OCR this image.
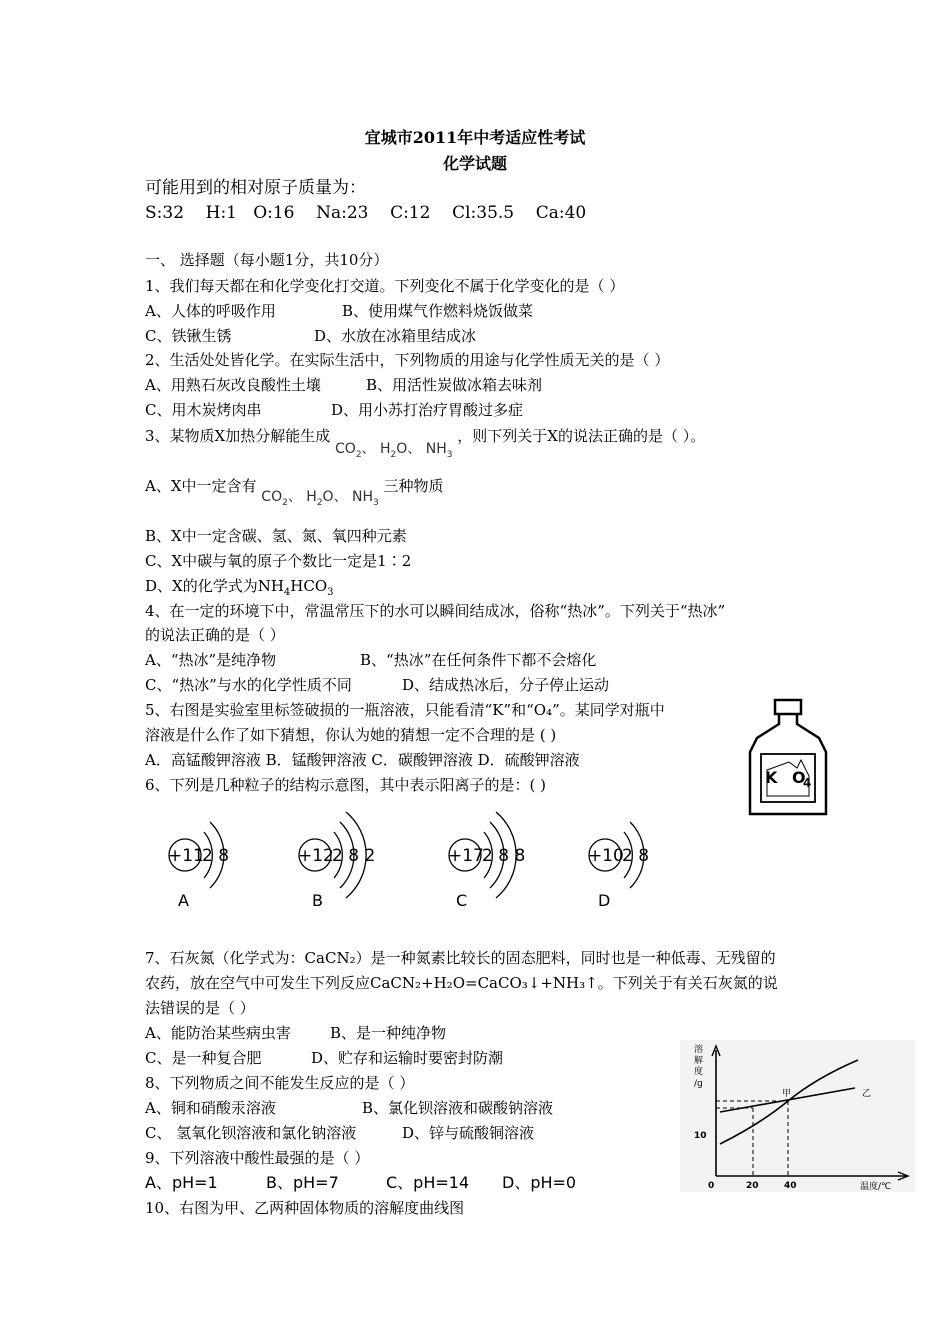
宜城市2011年中考适应性考试
化学试题
可能用到的相对原子质量为：
S:32    H:1   O:16    Na:23    C:12    Cl:35.5    Ca:40
一、 选择题（每小题1分，共10分）
1、我们每天都在和化学变化打交道。下列变化不属于化学变化的是（ ）
A、人体的呼吸作用	B、使用煤气作燃料烧饭做菜
C、铁锹生锈	D、水放在冰箱里结成冰
2、生活处处皆化学。在实际生活中，下列物质的用途与化学性质无关的是（ ）
A、用熟石灰改良酸性土壤	B、用活性炭做冰箱去味剂
C、用木炭烤肉串	D、用小苏打治疗胃酸过多症
3、某物质X加热分解能生成 $CO_2$、 $H_2O$、 $NH_3$ ，则下列关于X的说法正确的是（ ）。
A、X中一定含有 $CO_2$、 $H_2O$、 $NH_3$ 三种物质
B、X中一定含碳、氢、氮、氧四种元素
C、X中碳与氧的原子个数比一定是1∶2
D、X的化学式为$NH_4HCO_3$
4、在一定的环境下中，常温常压下的水可以瞬间结成冰，俗称“热冰”。下列关于“热冰”
的说法正确的是（ ）
A、“热冰”是纯净物	B、“热冰”在任何条件下都不会熔化
C、“热冰”与水的化学性质不同	D、结成热冰后，分子停止运动
5、右图是实验室里标签破损的一瓶溶液，只能看清“K”和“O₄”。某同学对瓶中
溶液是什么作了如下猜想，你认为她的猜想一定不合理的是 ( )
A．高锰酸钾溶液 B．锰酸钾溶液 C．碳酸钾溶液 D．硫酸钾溶液
K O
4
6、下列是几种粒子的结构示意图，其中表示阳离子的是：( )
+11
2 8
A
+12
2 8 2
B
+17
2 8 8
C
+10
2 8
D
7、石灰氮（化学式为：CaCN₂）是一种氮素比较长的固态肥料，同时也是一种低毒、无残留的
农药，放在空气中可发生下列反应CaCN₂+H₂O=CaCO₃↓+NH₃↑。下列关于有关石灰氮的说
法错误的是（ ）
A、能防治某些病虫害	B、是一种纯净物
C、是一种复合肥	D、贮存和运输时要密封防潮
8、下列物质之间不能发生反应的是（ ）
A、铜和硝酸汞溶液	B、氯化钡溶液和碳酸钠溶液
C、 氢氧化钡溶液和氯化钠溶液	D、锌与硫酸铜溶液
9、下列溶液中酸性最强的是（ ）
A、pH=1	B、pH=7	C、pH=14 D、pH=0
10、右图为甲、乙两种固体物质的溶解度曲线图
溶
解
度
/g
温度/℃
0	20	40
10
甲	乙
